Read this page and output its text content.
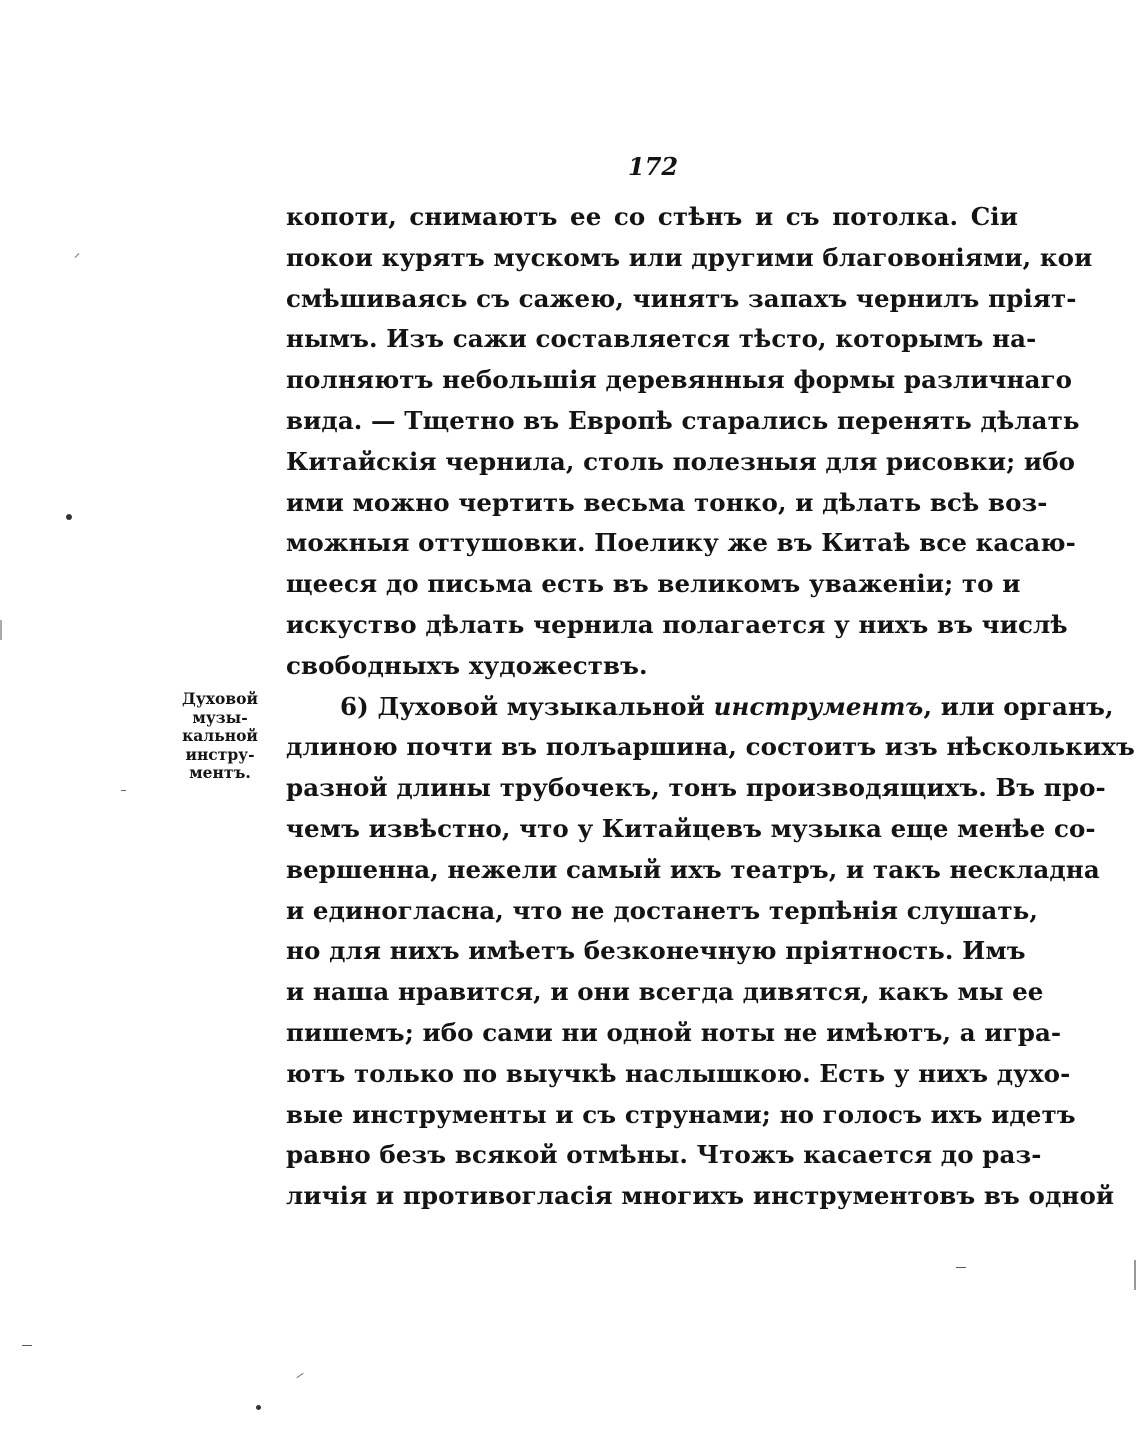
172
Духовой
музы-
кальной
инстру-
ментъ.
копоти, снимаютъ ее со стѣнъ и съ потолка. Сіи
покои курятъ мускомъ или другими благовоніями, кои
смѣшиваясь съ сажею, чинятъ запахъ чернилъ пріят-
нымъ. Изъ сажи составляется тѣсто, которымъ на-
полняютъ небольшія деревянныя формы различнаго
вида. — Тщетно въ Европѣ старались перенять дѣлать
Китайскія чернила, столь полезныя для рисовки; ибо
ими можно чертить весьма тонко, и дѣлать всѣ воз-
можныя оттушовки. Поелику же въ Китаѣ все касаю-
щееся до письма есть въ великомъ уваженіи; то и
искуство дѣлать чернила полагается у нихъ въ числѣ
свободныхъ художествъ.
6) Духовой музыкальной инструментъ, или органъ,
длиною почти въ полъаршина, состоитъ изъ нѣсколькихъ
разной длины трубочекъ, тонъ производящихъ. Въ про-
чемъ извѣстно, что у Китайцевъ музыка еще менѣе со-
вершенна, нежели самый ихъ театръ, и такъ нескладна
и единогласна, что не достанетъ терпѣнія слушать,
но для нихъ имѣетъ безконечную пріятность. Имъ
и наша нравится, и они всегда дивятся, какъ мы ее
пишемъ; ибо сами ни одной ноты не имѣютъ, а игра-
ютъ только по выучкѣ наслышкою. Есть у нихъ духо-
вые инструменты и съ струнами; но голосъ ихъ идетъ
равно безъ всякой отмѣны. Чтожъ касается до раз-
личія и противогласія многихъ инструментовъ въ одной
